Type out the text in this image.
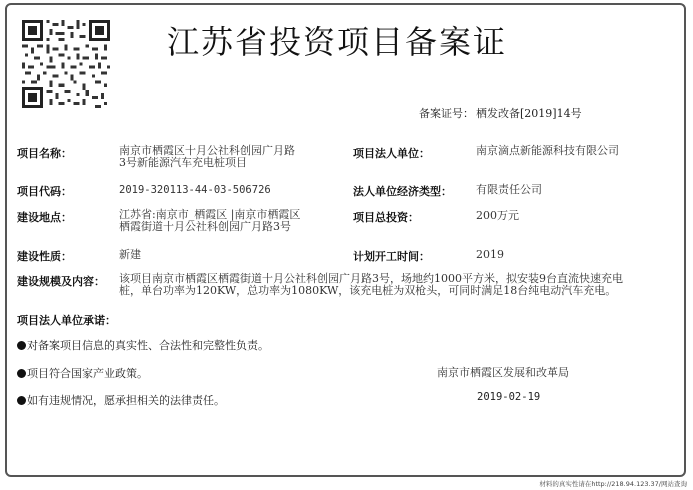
江苏省投资项目备案证
备案证号： 栖发改备[2019]14号
项目名称：	南京市栖霞区十月公社科创园广月路
3号新能源汽车充电桩项目
项目法人单位：	南京滴点新能源科技有限公司
项目代码：	2019-320113-44-03-506726	法人单位经济类型： 有限责任公司
建设地点：	江苏省:南京市_栖霞区 |南京市栖霞区
栖霞街道十月公社科创园广月路3号
项目总投资：	200万元
建设性质：	新建	计划开工时间：	2019
建设规模及内容： 该项目南京市栖霞区栖霞街道十月公社科创园广月路3号，场地约1000平方米，拟安装9台直流快速充电
桩，单台功率为120KW，总功率为1080KW，该充电桩为双枪头，可同时满足18台纯电动汽车充电。
项目法人单位承诺：
对备案项目信息的真实性、合法性和完整性负责。
项目符合国家产业政策。
如有违规情况，愿承担相关的法律责任。
南京市栖霞区发展和改革局
2019-02-19
材料的真实性请在http://218.94.123.37/网站查询
